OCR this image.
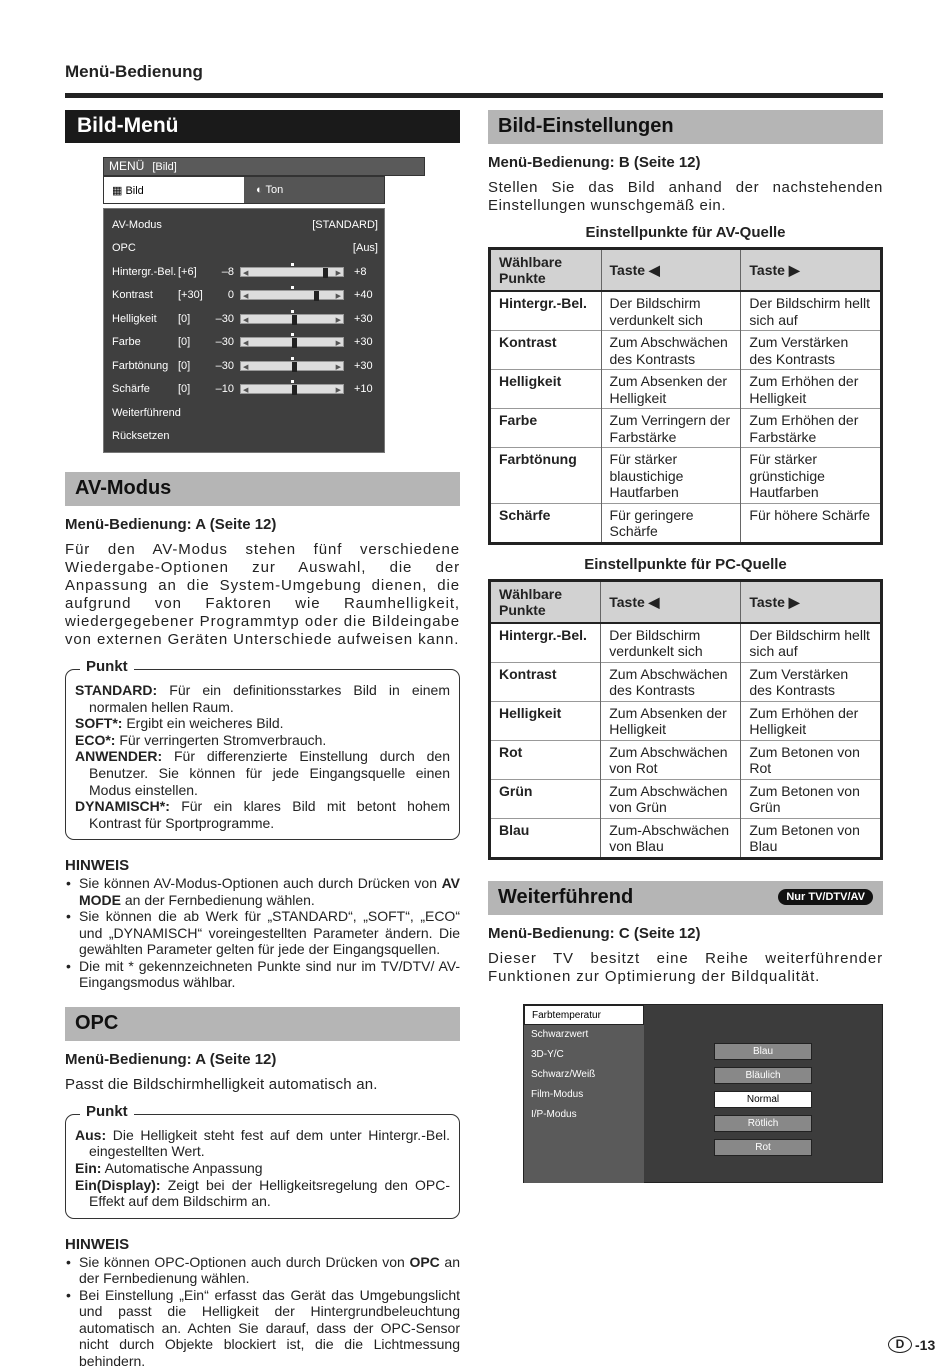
Menü-Bedienung
Bild-Menü
MENÜ [Bild]
▦ Bild	◐ Ton
AV-Modus	[STANDARD]
OPC	[Aus]
Hintergr.-Bel. [+6]	–8	◀	▶ +8
Kontrast	[+30]	0	◀	▶ +40
Helligkeit	[0]	–30	◀	▶ +30
Farbe	[0]	–30	◀	▶ +30
Farbtönung [0]	–30	◀	▶ +30
Schärfe	[0]	–10	◀	▶ +10
Weiterführend
Rücksetzen
AV-Modus
Menü-Bedienung: A (Seite 12)
Für den AV-Modus stehen fünf verschiedene Wiedergabe-Optionen zur Auswahl, die der Anpassung an die System-Umgebung dienen, die aufgrund von Faktoren wie Raumhelligkeit, wiedergegebener Programmtyp oder die Bildeingabe von externen Geräten Unterschiede aufweisen kann.
Punkt

STANDARD: Für ein definitionsstarkes Bild in einem normalen hellen Raum.

SOFT*: Ergibt ein weicheres Bild.

ECO*: Für verringerten Stromverbrauch.

ANWENDER: Für differenzierte Einstellung durch den Benutzer. Sie können für jede Eingangsquelle einen Modus einstellen.

DYNAMISCH*: Für ein klares Bild mit betont hohem Kontrast für Sportprogramme.

HINWEIS
• Sie können AV-Modus-Optionen auch durch Drücken von AV MODE an der Fernbedienung wählen.
• Sie können die ab Werk für „STANDARD“, „SOFT“, „ECO“ und „DYNAMISCH“ voreingestellten Parameter ändern. Die gewählten Parameter gelten für jede der Eingangsquellen.
• Die mit * gekennzeichneten Punkte sind nur im TV/DTV/ AV-Eingangsmodus wählbar.
OPC
Menü-Bedienung: A (Seite 12)
Passt die Bildschirmhelligkeit automatisch an.
Punkt

Aus: Die Helligkeit steht fest auf dem unter Hintergr.-Bel. eingestellten Wert.

Ein: Automatische Anpassung

Ein(Display): Zeigt bei der Helligkeitsregelung den OPC-Effekt auf dem Bildschirm an.

HINWEIS
• Sie können OPC-Optionen auch durch Drücken von OPC an der Fernbedienung wählen.
• Bei Einstellung „Ein“ erfasst das Gerät das Umgebungslicht und passt die Helligkeit der Hintergrundbeleuchtung automatisch an. Achten Sie darauf, dass der OPC-Sensor nicht durch Objekte blockiert ist, die die Lichtmessung behindern.
Bild-Einstellungen
Menü-Bedienung: B (Seite 12)
Stellen Sie das Bild anhand der nachstehenden Einstellungen wunschgemäß ein.
Einstellpunkte für AV-Quelle
Wählbare Punkte	Taste ◀	Taste ▶
Hintergr.-Bel.	Der Bildschirm verdunkelt sich	Der Bildschirm hellt sich auf
Kontrast	Zum Abschwächen des Kontrasts	Zum Verstärken des Kontrasts
Helligkeit	Zum Absenken der Helligkeit	Zum Erhöhen der Helligkeit
Farbe	Zum Verringern der Farbstärke	Zum Erhöhen der Farbstärke
Farbtönung	Für stärker blaustichige Hautfarben	Für stärker grünstichige Hautfarben
Schärfe	Für geringere Schärfe	Für höhere Schärfe
Einstellpunkte für PC-Quelle
Wählbare Punkte	Taste ◀	Taste ▶
Hintergr.-Bel.	Der Bildschirm verdunkelt sich	Der Bildschirm hellt sich auf
Kontrast	Zum Abschwächen des Kontrasts	Zum Verstärken des Kontrasts
Helligkeit	Zum Absenken der Helligkeit	Zum Erhöhen der Helligkeit
Rot	Zum Abschwächen von Rot	Zum Betonen von Rot
Grün	Zum Abschwächen von Grün	Zum Betonen von Grün
Blau	Zum-Abschwächen von Blau	Zum Betonen von Blau
Weiterführend	Nur TV/DTV/AV
Menü-Bedienung: C (Seite 12)
Dieser TV besitzt eine Reihe weiterführender Funktionen zur Optimierung der Bildqualität.
Farbtemperatur
Schwarzwert
3D-Y/C
Schwarz/Weiß
Film-Modus
I/P-Modus
Blau
Bläulich
Normal
Rötlich
Rot
D -13
